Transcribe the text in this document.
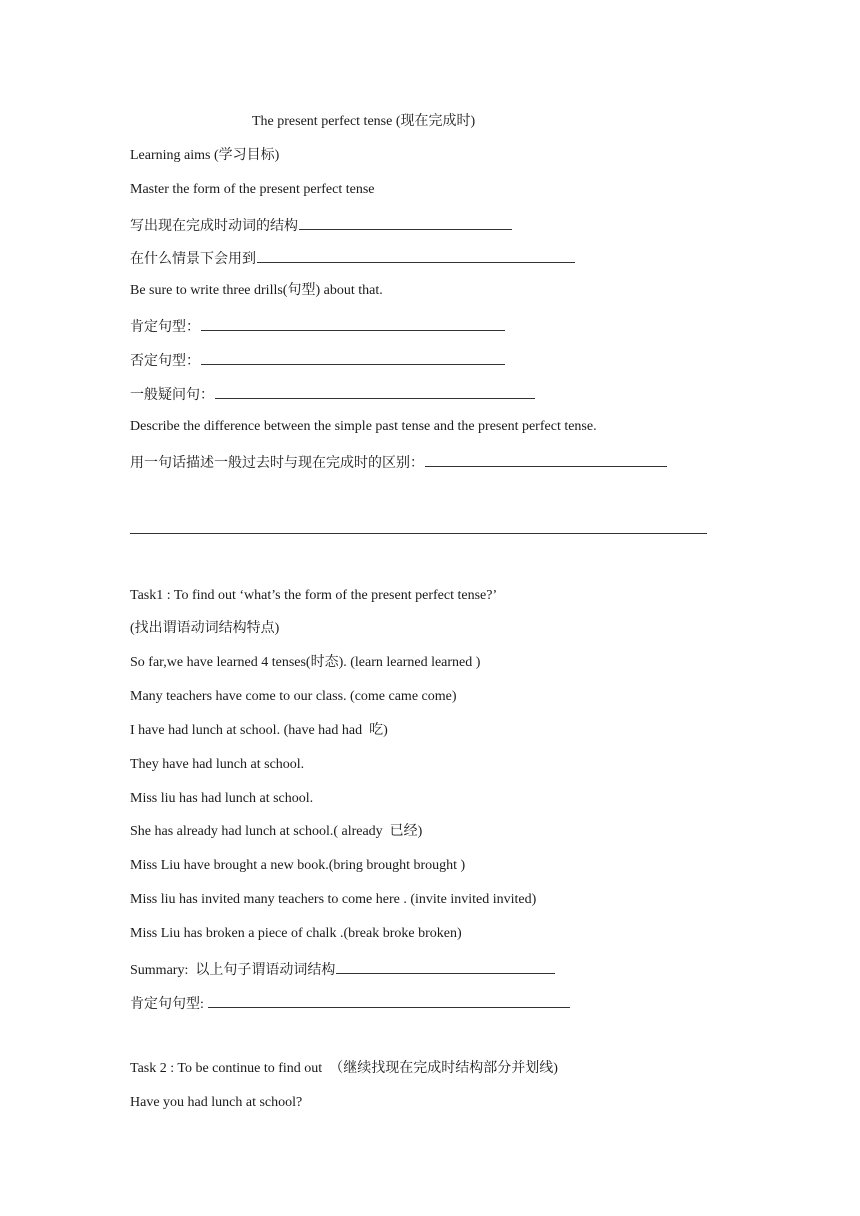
The present perfect tense (现在完成时)
Learning aims (学习目标)
Master the form of the present perfect tense
写出现在完成时动词的结构
在什么情景下会用到
Be sure to write three drills(句型) about that.
肯定句型：
否定句型：
一般疑问句：
Describe the difference between the simple past tense and the present perfect tense.
用一句话描述一般过去时与现在完成时的区别：
Task1 : To find out ‘what’s the form of the present perfect tense?’
(找出谓语动词结构特点)
So far,we have learned 4 tenses(时态). (learn learned learned )
Many teachers have come to our class. (come came come)
I have had lunch at school. (have had had  吃)
They have had lunch at school.
Miss liu has had lunch at school.
She has already had lunch at school.( already  已经)
Miss Liu have brought a new book.(bring brought brought )
Miss liu has invited many teachers to come here . (invite invited invited)
Miss Liu has broken a piece of chalk .(break broke broken)
Summary:  以上句子谓语动词结构
肯定句句型:
Task 2 : To be continue to find out  （继续找现在完成时结构部分并划线)
Have you had lunch at school?
